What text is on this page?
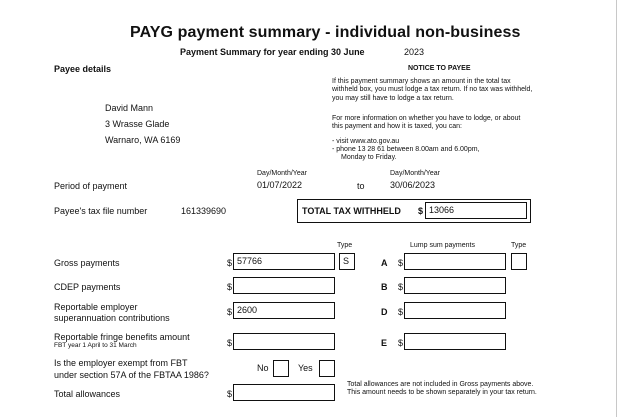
PAYG payment summary - individual non-business
Payment Summary for year ending 30 June	2023
Payee details
David Mann
3 Wrasse Glade
Warnaro, WA 6169
NOTICE TO PAYEE
If this payment summary shows an amount in the total tax withheld box, you must lodge a tax return. If no tax was withheld, you may still have to lodge a tax return.
For more information on whether you have to lodge, or about this payment and how it is taxed, you can:
- visit www.ato.gov.au
- phone 13 28 61 between 8.00am and 6.00pm,
Monday to Friday.
Day/Month/Year	Day/Month/Year
Period of payment	01/07/2022	to	30/06/2023
Payee's tax file number	161339690	TOTAL TAX WITHHELD $ 13066
Type	Lump sum payments	Type
Gross payments	$ 57766	S	A $
CDEP payments	$	B $
Reportable employer
superannuation contributions
$ 2600	D $
Reportable fringe benefits amount
FBT year 1 April to 31 March	$	E $
Is the employer exempt from FBT
under section 57A of the FBTAA 1986?
No	Yes
Total allowances	$
Total allowances are not included in Gross payments above. This amount needs to be shown separately in your tax return.
